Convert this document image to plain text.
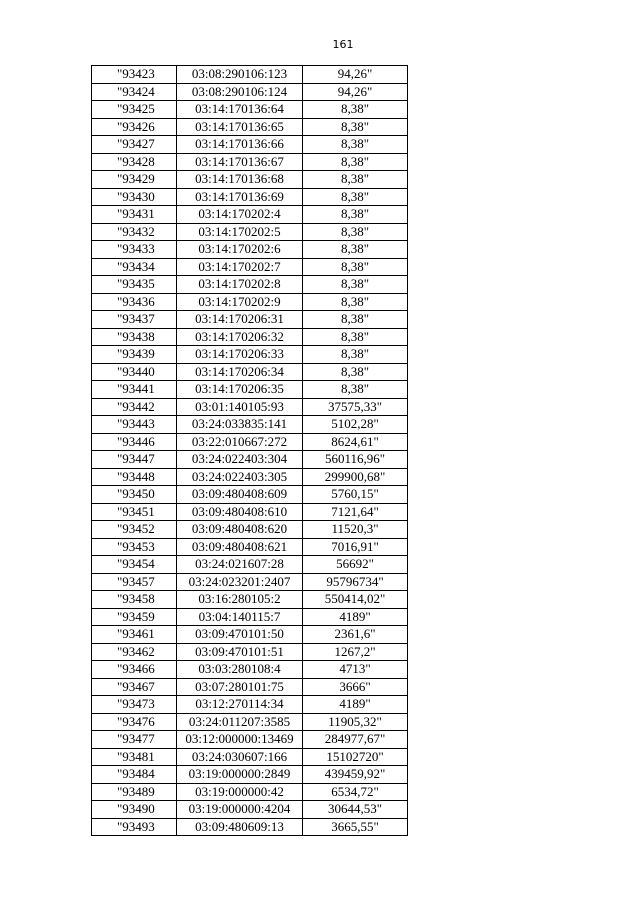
161
"93423	03:08:290106:123	94,26"
"93424	03:08:290106:124	94,26"
"93425	03:14:170136:64	8,38"
"93426	03:14:170136:65	8,38"
"93427	03:14:170136:66	8,38"
"93428	03:14:170136:67	8,38"
"93429	03:14:170136:68	8,38"
"93430	03:14:170136:69	8,38"
"93431	03:14:170202:4	8,38"
"93432	03:14:170202:5	8,38"
"93433	03:14:170202:6	8,38"
"93434	03:14:170202:7	8,38"
"93435	03:14:170202:8	8,38"
"93436	03:14:170202:9	8,38"
"93437	03:14:170206:31	8,38"
"93438	03:14:170206:32	8,38"
"93439	03:14:170206:33	8,38"
"93440	03:14:170206:34	8,38"
"93441	03:14:170206:35	8,38"
"93442	03:01:140105:93	37575,33"
"93443	03:24:033835:141	5102,28"
"93446	03:22:010667:272	8624,61"
"93447	03:24:022403:304	560116,96"
"93448	03:24:022403:305	299900,68"
"93450	03:09:480408:609	5760,15"
"93451	03:09:480408:610	7121,64"
"93452	03:09:480408:620	11520,3"
"93453	03:09:480408:621	7016,91"
"93454	03:24:021607:28	56692"
"93457	03:24:023201:2407	95796734"
"93458	03:16:280105:2	550414,02"
"93459	03:04:140115:7	4189"
"93461	03:09:470101:50	2361,6"
"93462	03:09:470101:51	1267,2"
"93466	03:03:280108:4	4713"
"93467	03:07:280101:75	3666"
"93473	03:12:270114:34	4189"
"93476	03:24:011207:3585	11905,32"
"93477	03:12:000000:13469	284977,67"
"93481	03:24:030607:166	15102720"
"93484	03:19:000000:2849	439459,92"
"93489	03:19:000000:42	6534,72"
"93490	03:19:000000:4204	30644,53"
"93493	03:09:480609:13	3665,55"
